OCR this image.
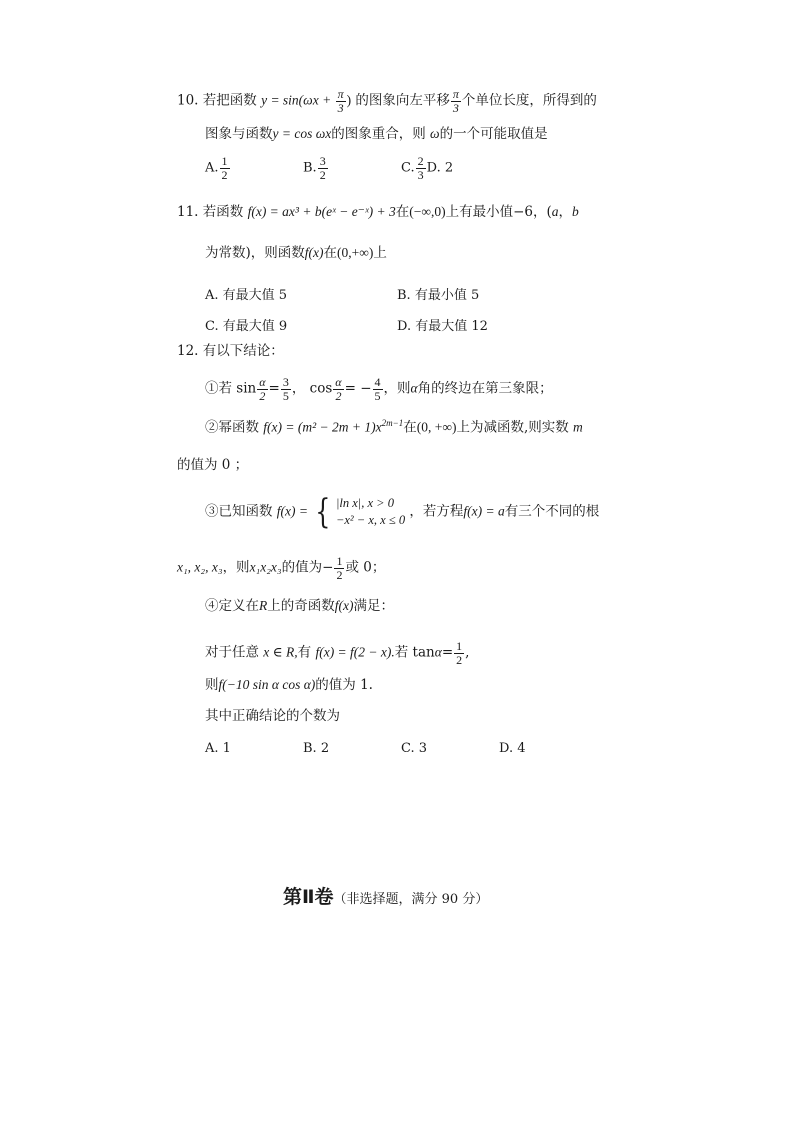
10. 若把函数 $y = \sin(\omega x + \frac{\pi}{3}$ ) 的图象向左平移 $\frac{\pi}{3}$ 个单位长度，所得到的
图象与函数y = cos ωx的图象重合，则 ω的一个可能取值是
A. $\frac{1}{2}$	B. $\frac{3}{2}$	C. $\frac{2}{3} D$. 2
11. 若函数 f(x) = ax³ + b(eˣ − e⁻ˣ) + 3在(−∞,0)上有最小值−6，(a，b
为常数)，则函数f(x)在(0,+∞)上
A. 有最大值 5	B. 有最小值 5
C. 有最大值 9	D. 有最大值 12
12. 有以下结论：
①若 $\sin \frac{\alpha}{2} = \frac{3}{5}$ ， $\cos \frac{\alpha}{2}$ = − $\frac{4}{5}$ ，则α角的终边在第三象限；
②幂函数 $f(x) = (m^2 - 2m + 1)x^{2m-1}$在(0, +∞)上为减函数,则实数 m
的值为 0 ；
③已知函数 f(x) = { |ln x|, x > 0
−x² − x, x ≤ 0
，若方程f(x) = a有三个不同的根
x₁, x₂, x₃，则x₁x₂x₃的值为− $\frac{1}{2}$ 或 0；
④定义在R上的奇函数f(x)满足：
对于任意 x ∈ R,有 f(x) = f(2 − x).若 $\tan\alpha= \frac{1}{2}$ ,
则f(−10 sin α cos α)的值为 1.
其中正确结论的个数为
A. 1	B. 2	C. 3	D. 4
第Ⅱ卷（非选择题，满分 90 分）
